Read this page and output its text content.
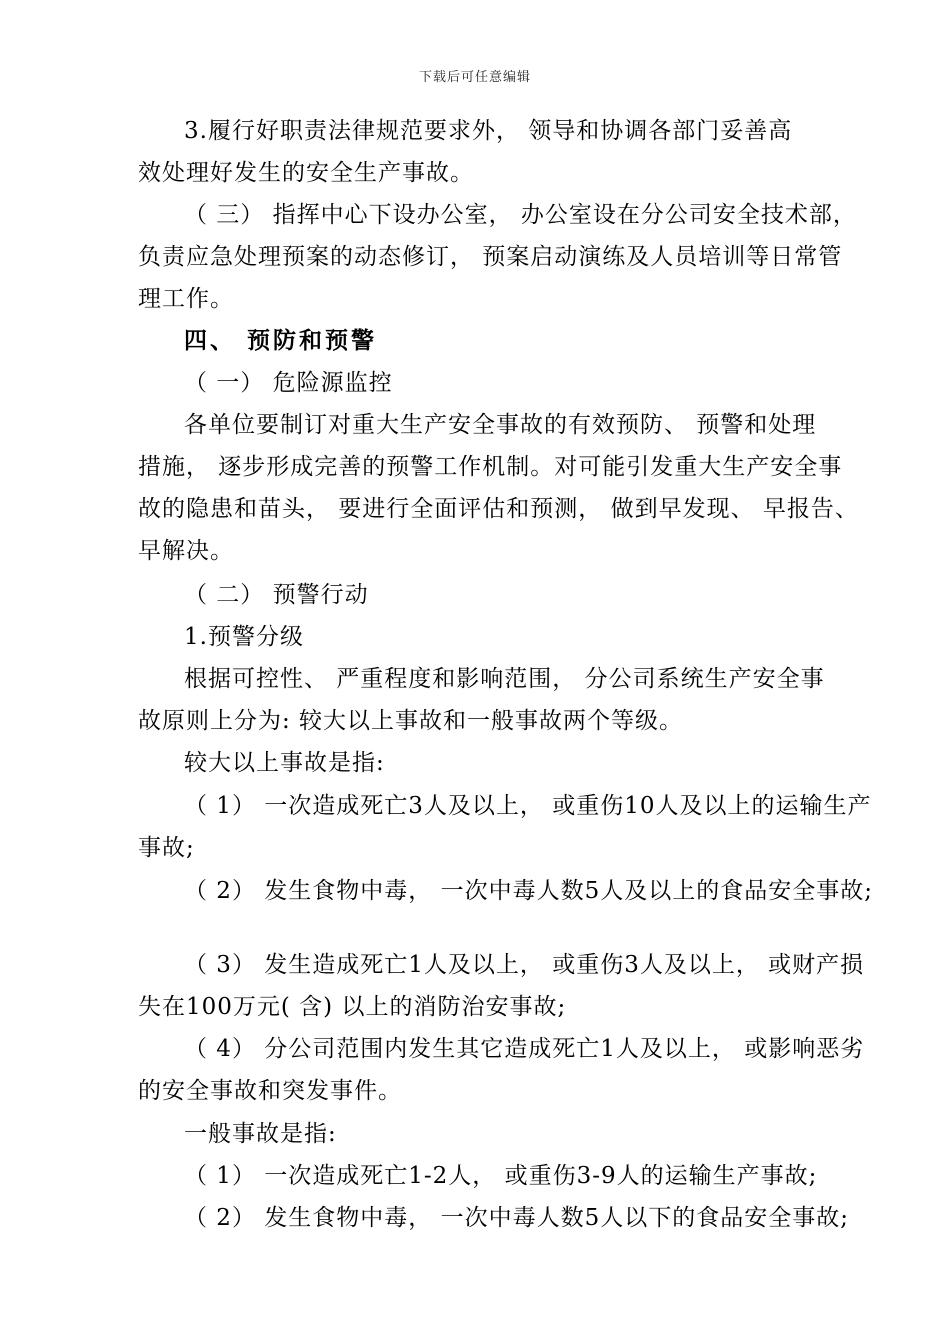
下载后可任意编辑
3.履行好职责法律规范要求外， 领导和协调各部门妥善高
效处理好发生的安全生产事故。
（ 三） 指挥中心下设办公室， 办公室设在分公司安全技术部，
负责应急处理预案的动态修订， 预案启动演练及人员培训等日常管
理工作。
四、 预防和预警
（ 一） 危险源监控
各单位要制订对重大生产安全事故的有效预防、 预警和处理
措施， 逐步形成完善的预警工作机制。对可能引发重大生产安全事
故的隐患和苗头， 要进行全面评估和预测， 做到早发现、 早报告、
早解决。
（ 二） 预警行动
1.预警分级
根据可控性、 严重程度和影响范围， 分公司系统生产安全事
故原则上分为: 较大以上事故和一般事故两个等级。
较大以上事故是指:
（ 1） 一次造成死亡3人及以上， 或重伤10人及以上的运输生产
事故;
（ 2） 发生食物中毒， 一次中毒人数5人及以上的食品安全事故;
（ 3） 发生造成死亡1人及以上， 或重伤3人及以上， 或财产损
失在100万元( 含) 以上的消防治安事故;
（ 4） 分公司范围内发生其它造成死亡1人及以上， 或影响恶劣
的安全事故和突发事件。
一般事故是指:
（ 1） 一次造成死亡1-2人， 或重伤3-9人的运输生产事故;
（ 2） 发生食物中毒， 一次中毒人数5人以下的食品安全事故;
